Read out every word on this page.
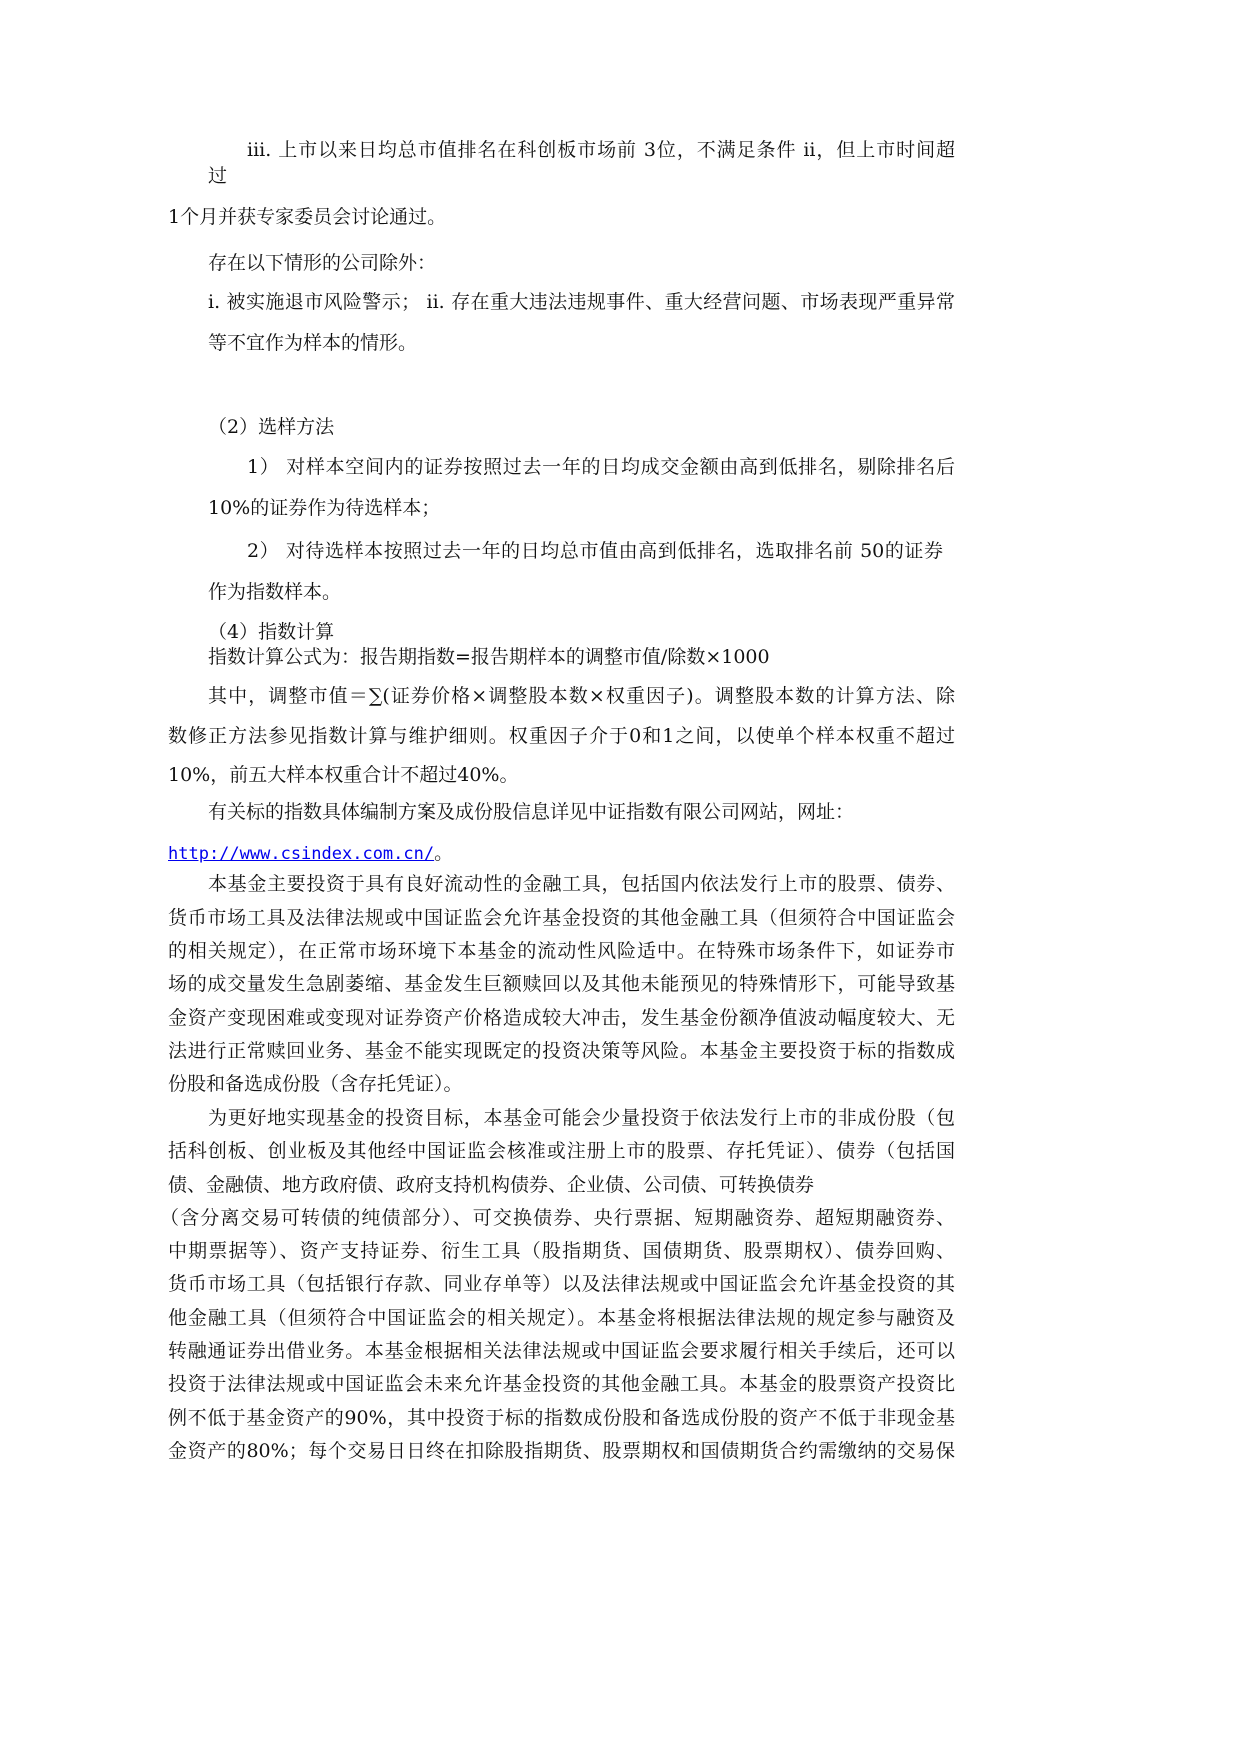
iii. 上市以来日均总市值排名在科创板市场前 3位，不满足条件 ii，但上市时间超
过
1个月并获专家委员会讨论通过。
存在以下情形的公司除外：
i. 被实施退市风险警示； ii. 存在重大违法违规事件、重大经营问题、市场表现严重异常
等不宜作为样本的情形。
（2）选样方法
1） 对样本空间内的证券按照过去一年的日均成交金额由高到低排名，剔除排名后
10%的证券作为待选样本；
2） 对待选样本按照过去一年的日均总市值由高到低排名，选取排名前 50的证券
作为指数样本。
（4）指数计算
指数计算公式为：报告期指数=报告期样本的调整市值/除数×1000
其中，调整市值＝∑(证券价格×调整股本数×权重因子)。调整股本数的计算方法、除
数修正方法参见指数计算与维护细则。权重因子介于0和1之间，以使单个样本权重不超过
10%，前五大样本权重合计不超过40%。
有关标的指数具体编制方案及成份股信息详见中证指数有限公司网站，网址：
http://www.csindex.com.cn/。
本基金主要投资于具有良好流动性的金融工具，包括国内依法发行上市的股票、债券、
货币市场工具及法律法规或中国证监会允许基金投资的其他金融工具（但须符合中国证监会
的相关规定），在正常市场环境下本基金的流动性风险适中。在特殊市场条件下，如证券市
场的成交量发生急剧萎缩、基金发生巨额赎回以及其他未能预见的特殊情形下，可能导致基
金资产变现困难或变现对证券资产价格造成较大冲击，发生基金份额净值波动幅度较大、无
法进行正常赎回业务、基金不能实现既定的投资决策等风险。本基金主要投资于标的指数成
份股和备选成份股（含存托凭证）。
为更好地实现基金的投资目标，本基金可能会少量投资于依法发行上市的非成份股（包
括科创板、创业板及其他经中国证监会核准或注册上市的股票、存托凭证）、债券（包括国
债、金融债、地方政府债、政府支持机构债券、企业债、公司债、可转换债券
（含分离交易可转债的纯债部分）、可交换债券、央行票据、短期融资券、超短期融资券、
中期票据等）、资产支持证券、衍生工具（股指期货、国债期货、股票期权）、债券回购、
货币市场工具（包括银行存款、同业存单等）以及法律法规或中国证监会允许基金投资的其
他金融工具（但须符合中国证监会的相关规定）。本基金将根据法律法规的规定参与融资及
转融通证券出借业务。本基金根据相关法律法规或中国证监会要求履行相关手续后，还可以
投资于法律法规或中国证监会未来允许基金投资的其他金融工具。本基金的股票资产投资比
例不低于基金资产的90%，其中投资于标的指数成份股和备选成份股的资产不低于非现金基
金资产的80%；每个交易日日终在扣除股指期货、股票期权和国债期货合约需缴纳的交易保
